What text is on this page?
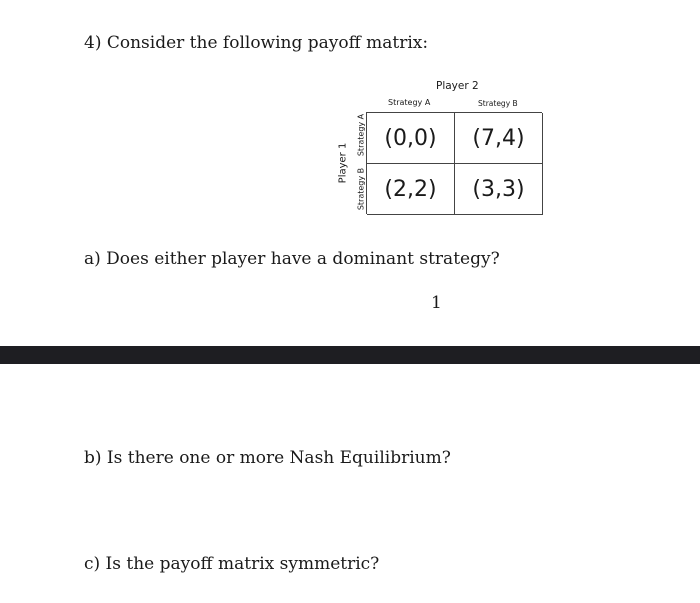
4) Consider the following payoff matrix:
Player 2
Strategy A	Strategy B
Player 1
Strategy A
Strategy B
(0,0)	(7,4)
(2,2)	(3,3)
a) Does either player have a dominant strategy?
1
b) Is there one or more Nash Equilibrium?
c) Is the payoff matrix symmetric?
